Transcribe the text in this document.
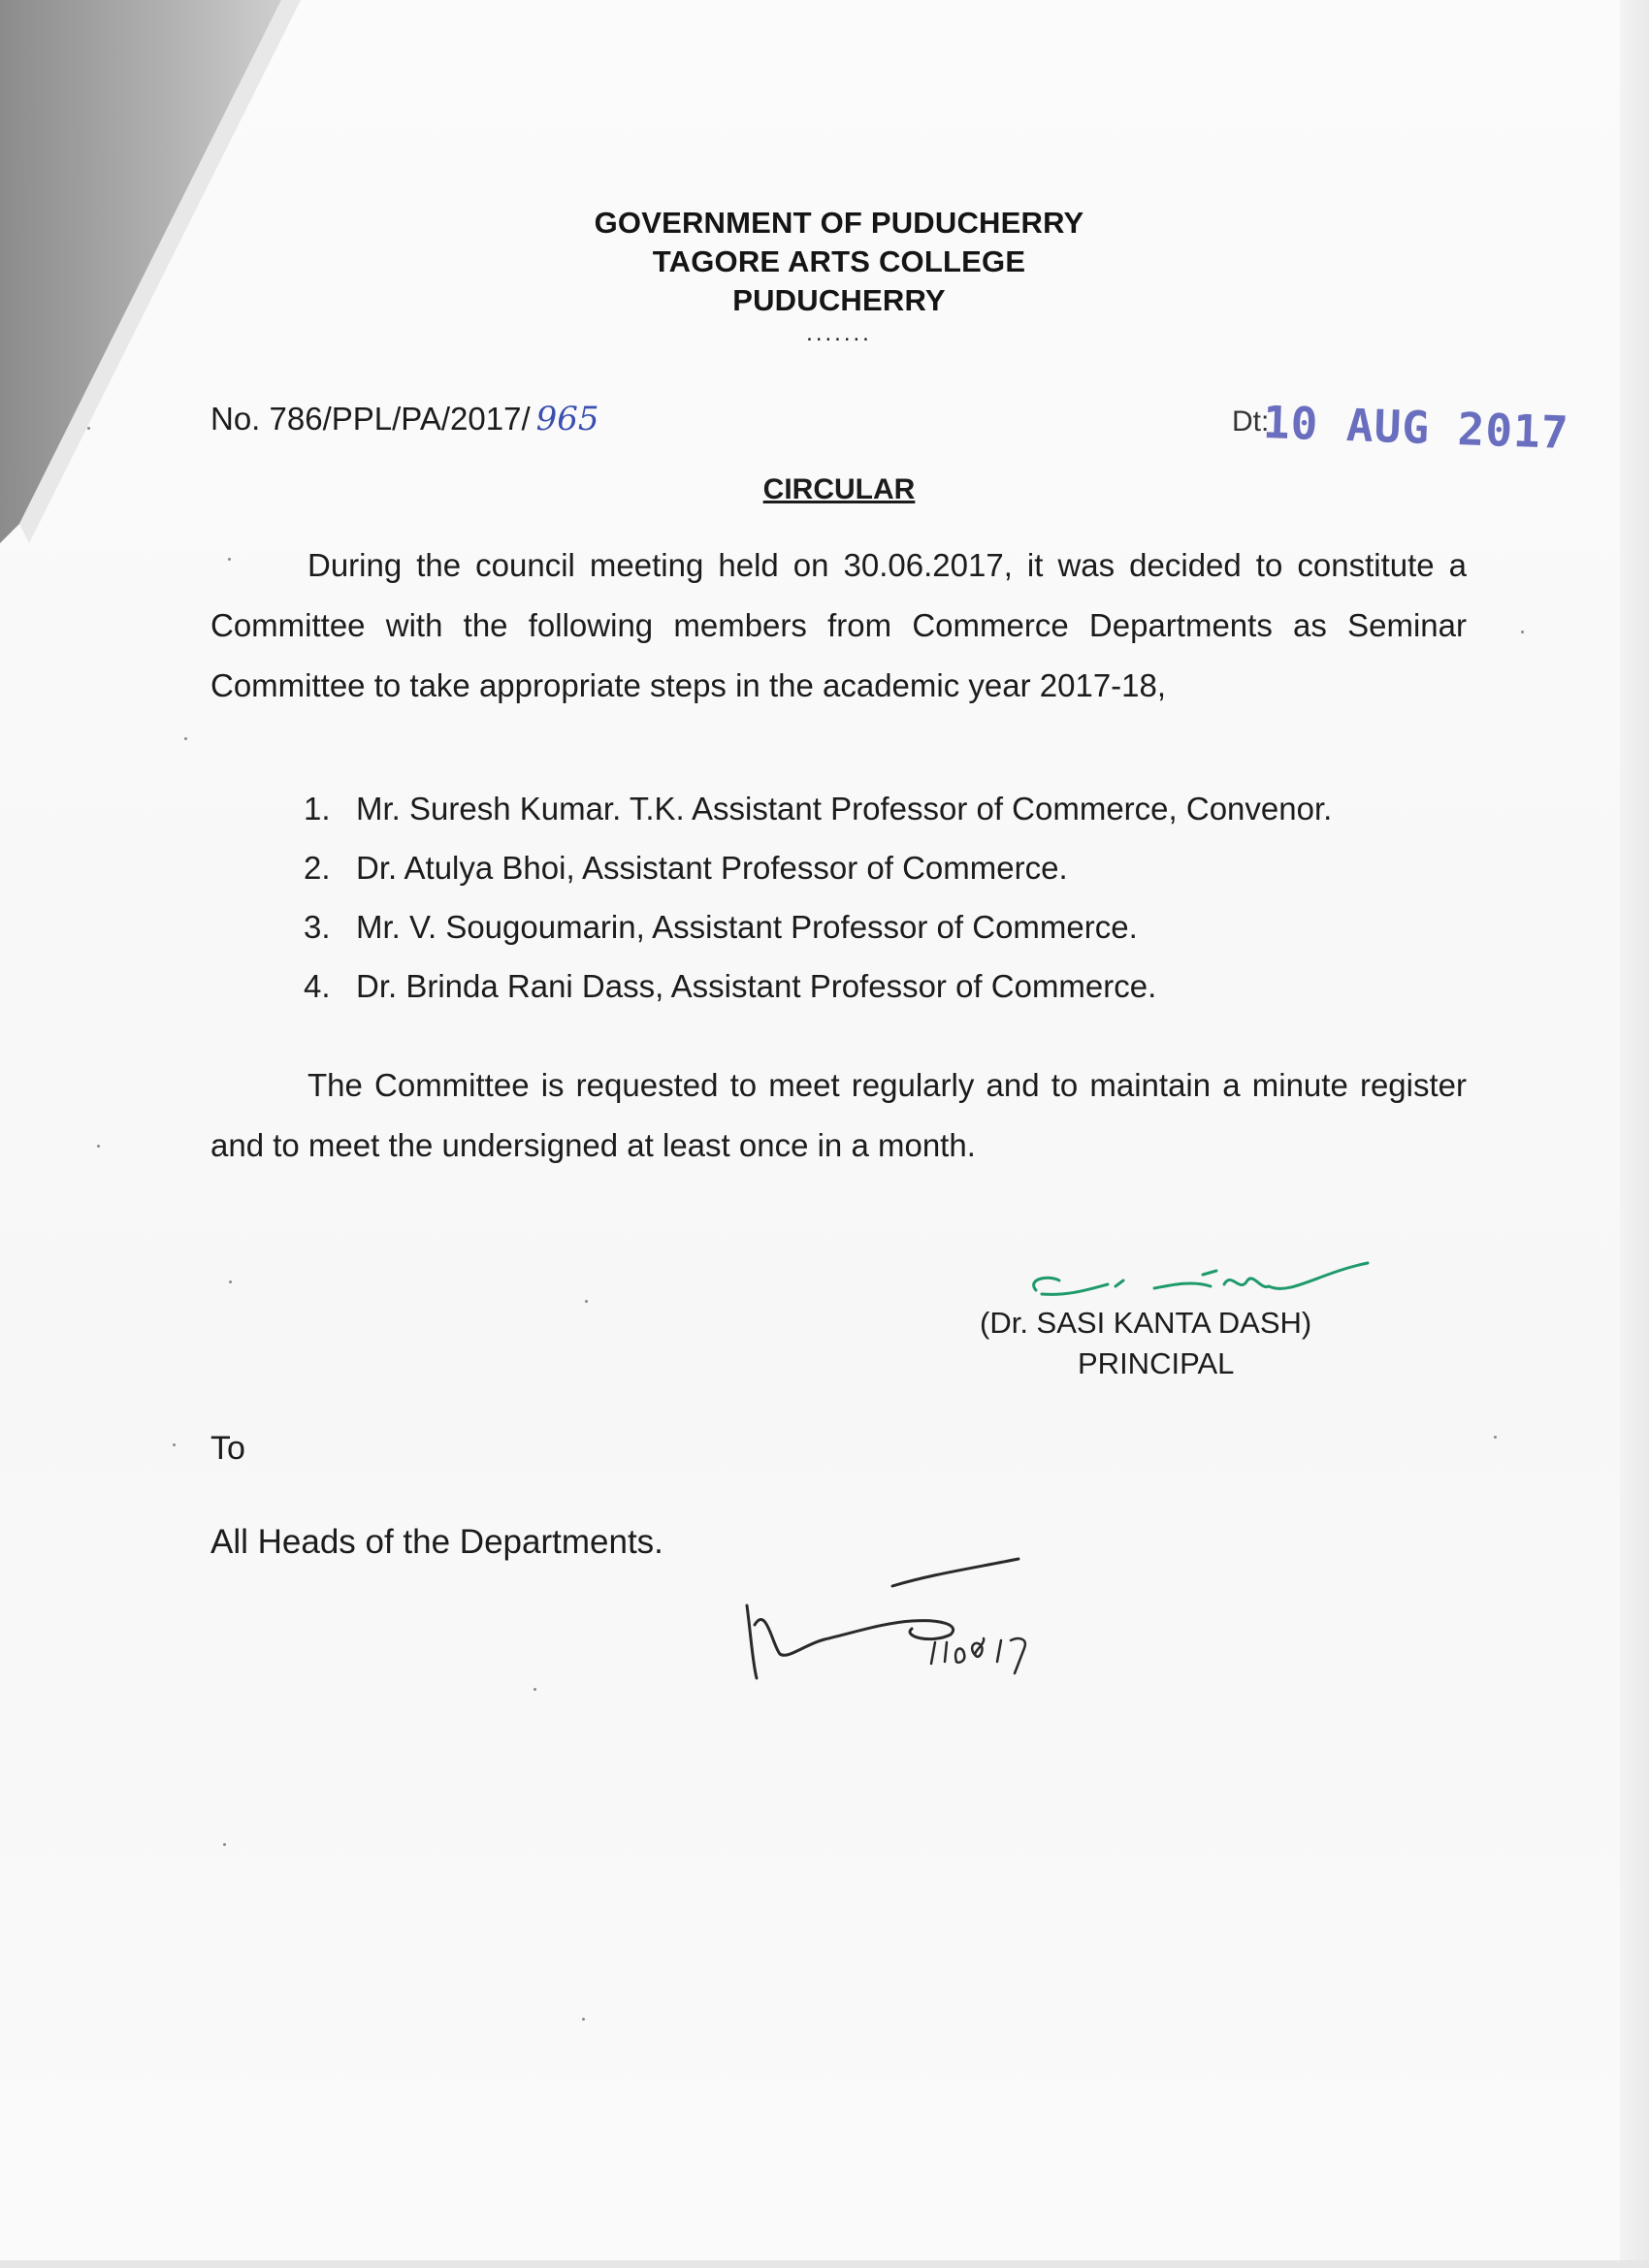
GOVERNMENT OF PUDUCHERRY
TAGORE ARTS COLLEGE
PUDUCHERRY
.......
No. 786/PPL/PA/2017/ 965	Dt:
10 AUG 2017
CIRCULAR
During the council meeting held on 30.06.2017, it was decided to constitute a Committee with the following members from Commerce Departments as Seminar Committee to take appropriate steps in the academic year 2017-18,
1. Mr. Suresh Kumar. T.K. Assistant Professor of Commerce, Convenor.
2. Dr. Atulya Bhoi, Assistant Professor of Commerce.
3. Mr. V. Sougoumarin, Assistant Professor of Commerce.
4. Dr. Brinda Rani Dass, Assistant Professor of Commerce.
The Committee is requested to meet regularly and to maintain a minute register and to meet the undersigned at least once in a month.
(Dr. SASI KANTA DASH)
PRINCIPAL
To
All Heads of the Departments.
